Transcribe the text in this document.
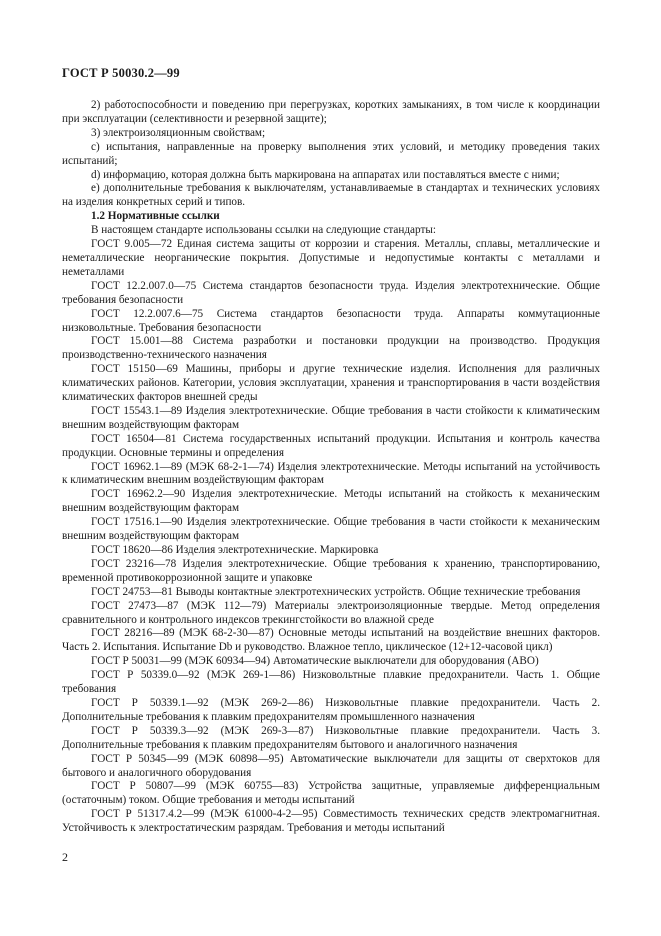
ГОСТ Р 50030.2—99

2) работоспособности и поведению при перегрузках, коротких замыканиях, в том числе к координации при эксплуатации (селективности и резервной защите);

3) электроизоляционным свойствам;

с) испытания, направленные на проверку выполнения этих условий, и методику проведения таких испытаний;

d) информацию, которая должна быть маркирована на аппаратах или поставляться вместе с ними;

е) дополнительные требования к выключателям, устанавливаемые в стандартах и технических условиях на изделия конкретных серий и типов.

1.2 Нормативные ссылки

В настоящем стандарте использованы ссылки на следующие стандарты:

ГОСТ 9.005—72 Единая система защиты от коррозии и старения. Металлы, сплавы, металлические и неметаллические неорганические покрытия. Допустимые и недопустимые контакты с металлами и неметаллами

ГОСТ 12.2.007.0—75 Система стандартов безопасности труда. Изделия электротехнические. Общие требования безопасности

ГОСТ 12.2.007.6—75 Система стандартов безопасности труда. Аппараты коммутационные низковольтные. Требования безопасности

ГОСТ 15.001—88 Система разработки и постановки продукции на производство. Продукция производственно-технического назначения

ГОСТ 15150—69 Машины, приборы и другие технические изделия. Исполнения для различных климатических районов. Категории, условия эксплуатации, хранения и транспортирования в части воздействия климатических факторов внешней среды

ГОСТ 15543.1—89 Изделия электротехнические. Общие требования в части стойкости к климатическим внешним воздействующим факторам

ГОСТ 16504—81 Система государственных испытаний продукции. Испытания и контроль качества продукции. Основные термины и определения

ГОСТ 16962.1—89 (МЭК 68-2-1—74) Изделия электротехнические. Методы испытаний на устойчивость к климатическим внешним воздействующим факторам

ГОСТ 16962.2—90 Изделия электротехнические. Методы испытаний на стойкость к механическим внешним воздействующим факторам

ГОСТ 17516.1—90 Изделия электротехнические. Общие требования в части стойкости к механическим внешним воздействующим факторам

ГОСТ 18620—86 Изделия электротехнические. Маркировка

ГОСТ 23216—78 Изделия электротехнические. Общие требования к хранению, транспортированию, временной противокоррозионной защите и упаковке

ГОСТ 24753—81 Выводы контактные электротехнических устройств. Общие технические требования

ГОСТ 27473—87 (МЭК 112—79) Материалы электроизоляционные твердые. Метод определения сравнительного и контрольного индексов трекингстойкости во влажной среде

ГОСТ 28216—89 (МЭК 68-2-30—87) Основные методы испытаний на воздействие внешних факторов. Часть 2. Испытания. Испытание Db и руководство. Влажное тепло, циклическое (12+12-часовой цикл)

ГОСТ Р 50031—99 (МЭК 60934—94) Автоматические выключатели для оборудования (АВО)

ГОСТ Р 50339.0—92 (МЭК 269-1—86) Низковольтные плавкие предохранители. Часть 1. Общие требования

ГОСТ Р 50339.1—92 (МЭК 269-2—86) Низковольтные плавкие предохранители. Часть 2. Дополнительные требования к плавким предохранителям промышленного назначения

ГОСТ Р 50339.3—92 (МЭК 269-3—87) Низковольтные плавкие предохранители. Часть 3. Дополнительные требования к плавким предохранителям бытового и аналогичного назначения

ГОСТ Р 50345—99 (МЭК 60898—95) Автоматические выключатели для защиты от сверхтоков для бытового и аналогичного оборудования

ГОСТ Р 50807—99 (МЭК 60755—83) Устройства защитные, управляемые дифференциальным (остаточным) током. Общие требования и методы испытаний

ГОСТ Р 51317.4.2—99 (МЭК 61000-4-2—95) Совместимость технических средств электромагнитная. Устойчивость к электростатическим разрядам. Требования и методы испытаний

2
